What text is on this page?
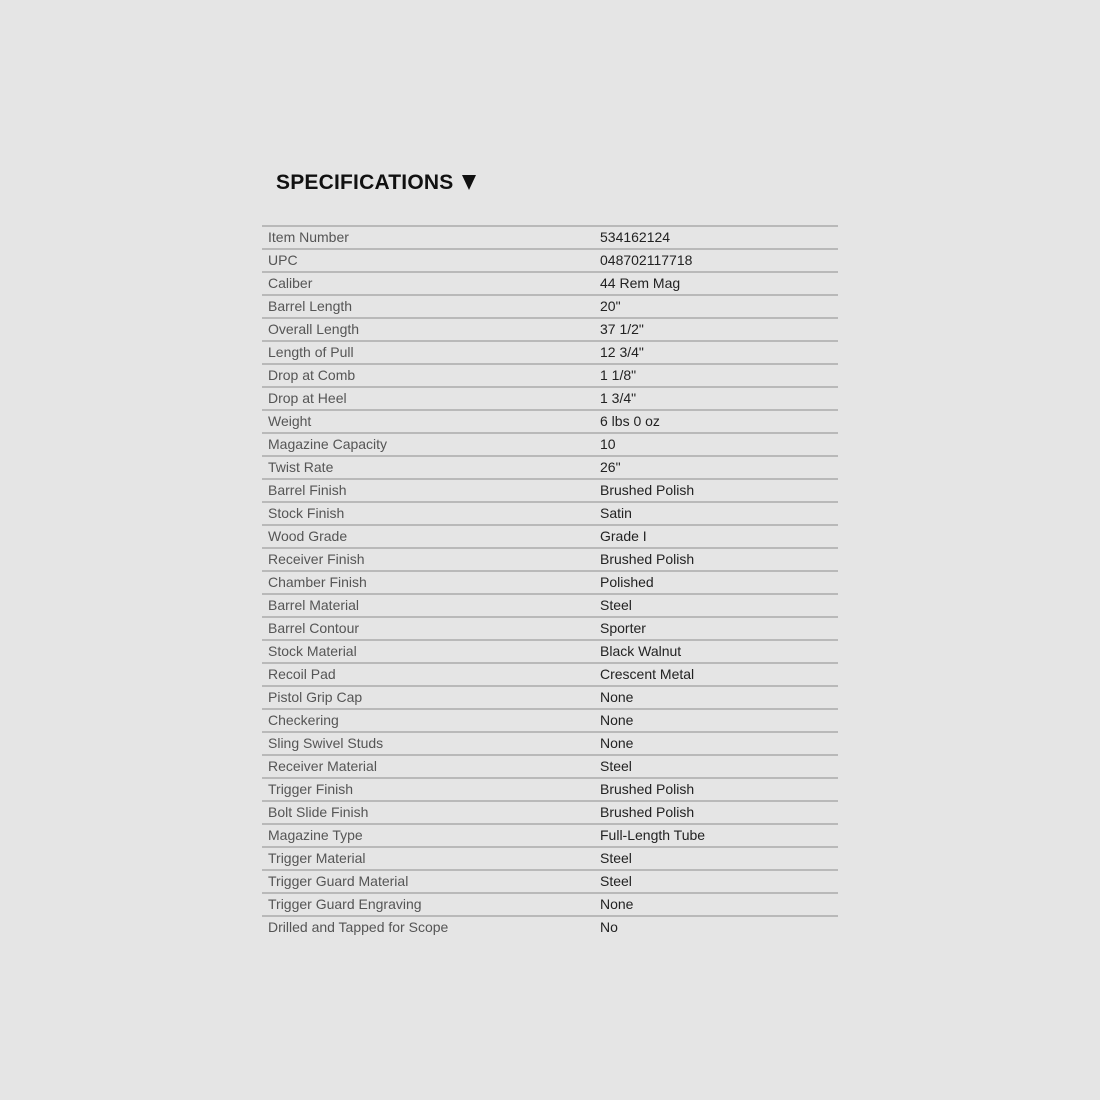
SPECIFICATIONS
Item Number	534162124
UPC	048702117718
Caliber	44 Rem Mag
Barrel Length	20"
Overall Length	37 1/2"
Length of Pull	12 3/4"
Drop at Comb	1 1/8"
Drop at Heel	1 3/4"
Weight	6 lbs 0 oz
Magazine Capacity	10
Twist Rate	26"
Barrel Finish	Brushed Polish
Stock Finish	Satin
Wood Grade	Grade I
Receiver Finish	Brushed Polish
Chamber Finish	Polished
Barrel Material	Steel
Barrel Contour	Sporter
Stock Material	Black Walnut
Recoil Pad	Crescent Metal
Pistol Grip Cap	None
Checkering	None
Sling Swivel Studs	None
Receiver Material	Steel
Trigger Finish	Brushed Polish
Bolt Slide Finish	Brushed Polish
Magazine Type	Full-Length Tube
Trigger Material	Steel
Trigger Guard Material	Steel
Trigger Guard Engraving	None
Drilled and Tapped for Scope	No
